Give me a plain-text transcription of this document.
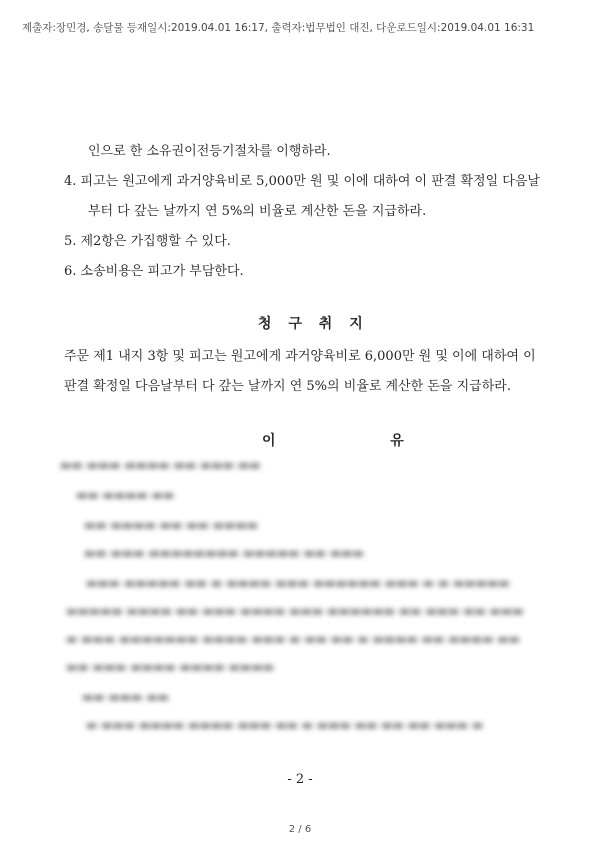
제출자:장민경, 송달물 등재일시:2019.04.01 16:17, 출력자:법무법인 대진, 다운로드일시:2019.04.01 16:31
인으로 한 소유권이전등기절차를 이행하라.
4. 피고는 원고에게 과거양육비로 5,000만 원 및 이에 대하여 이 판결 확정일 다음날
부터 다 갚는 날까지 연 5%의 비율로 계산한 돈을 지급하라.
5. 제2항은 가집행할 수 있다.
6. 소송비용은 피고가 부담한다.
청 구 취 지
주문 제1 내지 3항 및 피고는 원고에게 과거양육비로 6,000만 원 및 이에 대하여 이
판결 확정일 다음날부터 다 갚는 날까지 연 5%의 비율로 계산한 돈을 지급하라.
이          유
▬▬ ▬▬▬ ▬▬▬▬ ▬▬ ▬▬▬ ▬▬
▬▬ ▬▬▬▬ ▬▬
▬▬ ▬▬▬▬ ▬▬ ▬▬ ▬▬▬▬
▬▬ ▬▬▬ ▬▬▬▬▬▬▬▬ ▬▬▬▬▬ ▬▬ ▬▬▬
▬▬▬ ▬▬▬▬▬ ▬▬ ▬ ▬▬▬▬ ▬▬▬ ▬▬▬▬▬▬ ▬▬▬ ▬ ▬ ▬▬▬▬▬
▬▬▬▬▬ ▬▬▬▬ ▬▬ ▬▬▬ ▬▬▬▬ ▬▬▬ ▬▬▬▬▬▬ ▬▬ ▬▬▬ ▬▬ ▬▬▬
▬ ▬▬▬ ▬▬▬▬▬▬▬ ▬▬▬▬ ▬▬▬ ▬ ▬▬ ▬▬ ▬ ▬▬▬▬ ▬▬ ▬▬▬▬ ▬▬
▬▬ ▬▬▬ ▬▬▬▬ ▬▬▬▬ ▬▬▬▬
▬▬ ▬▬▬ ▬▬
▬ ▬▬▬ ▬▬▬▬ ▬▬▬▬ ▬▬▬ ▬▬ ▬ ▬▬▬ ▬▬ ▬▬ ▬▬ ▬▬▬ ▬
- 2 -
2 / 6
